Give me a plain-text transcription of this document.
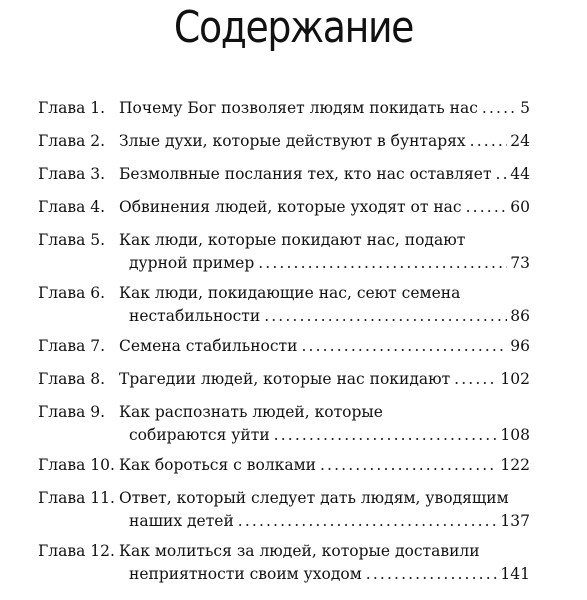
Содержание
Глава 1. Почему Бог позволяет людям покидать нас . . .	5
Глава 2. Злые духи, которые действуют в бунтарях . . .	24
Глава 3. Безмолвные послания тех, кто нас оставляет . . . 44
Глава 4. Обвинения людей, которые уходят от нас . . .	60
Глава 5. Как люди, которые покидают нас, подают
дурной пример . . .	73
Глава 6. Как люди, покидающие нас, сеют семена
нестабильности . . .	86
Глава 7. Семена стабильности . . .	96
Глава 8. Трагедии людей, которые нас покидают . . .	102
Глава 9. Как распознать людей, которые
собираются уйти . . .	108
Глава 10. Как бороться с волками . . .	122
Глава 11. Ответ, который следует дать людям, уводящим
наших детей . . .	137
Глава 12. Как молиться за людей, которые доставили
неприятности своим уходом . . .	141
